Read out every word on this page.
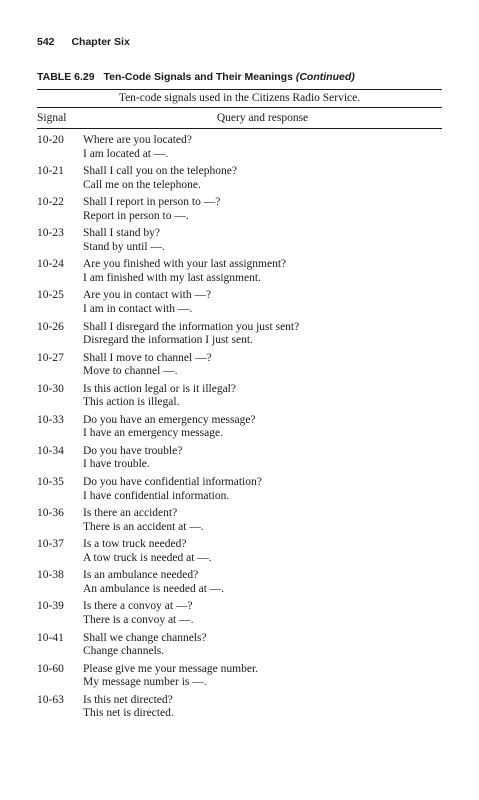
542 Chapter Six
TABLE 6.29 Ten-Code Signals and Their Meanings (Continued)
Ten-code signals used in the Citizens Radio Service.
Signal	Query and response
10-20	Where are you located?
I am located at —.
10-21	Shall I call you on the telephone?
Call me on the telephone.
10-22	Shall I report in person to —?
Report in person to —.
10-23	Shall I stand by?
Stand by until —.
10-24	Are you finished with your last assignment?
I am finished with my last assignment.
10-25	Are you in contact with —?
I am in contact with —.
10-26	Shall I disregard the information you just sent?
Disregard the information I just sent.
10-27	Shall I move to channel —?
Move to channel —.
10-30	Is this action legal or is it illegal?
This action is illegal.
10-33	Do you have an emergency message?
I have an emergency message.
10-34	Do you have trouble?
I have trouble.
10-35	Do you have confidential information?
I have confidential information.
10-36	Is there an accident?
There is an accident at —.
10-37	Is a tow truck needed?
A tow truck is needed at —.
10-38	Is an ambulance needed?
An ambulance is needed at —.
10-39	Is there a convoy at —?
There is a convoy at —.
10-41	Shall we change channels?
Change channels.
10-60	Please give me your message number.
My message number is —.
10-63	Is this net directed?
This net is directed.
